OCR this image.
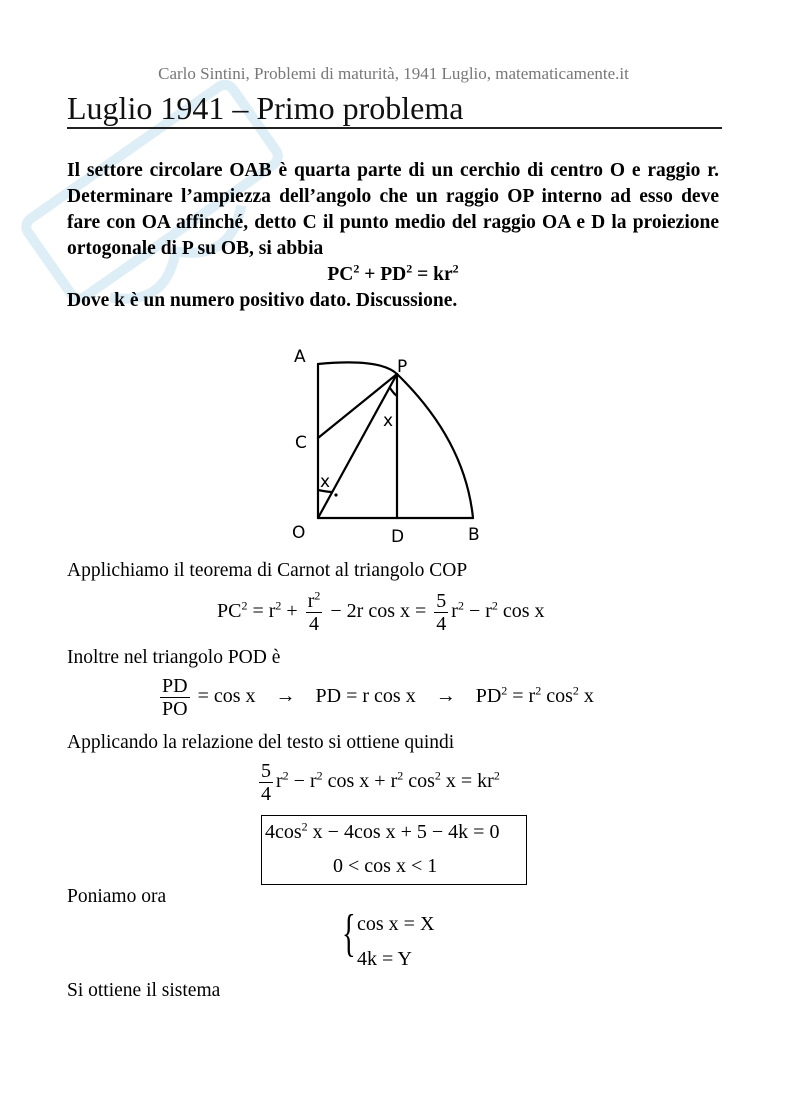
Carlo Sintini, Problemi di maturità, 1941 Luglio, matematicamente.it
Luglio 1941 – Primo problema

Il settore circolare OAB è quarta parte di un cerchio di centro O e raggio r. Determinare l’ampiezza dell’angolo che un raggio OP interno ad esso deve fare con OA affinché, detto C il punto medio del raggio OA e D la proiezione ortogonale di P su OB, si abbia

$PC^2 + PD^2 = kr^2$

Dove k è un numero positivo dato. Discussione.

A	P
C
x
x
O	D	B
Applichiamo il teorema di Carnot al triangolo COP
$PC^2 = r^2 + \frac{r^2}{4} - 2r$ $\cos x = \frac{5}{4} r^2 - r^2$ cos x
Inoltre nel triangolo POD è
$\frac{PD}{PO} = \cos x$ → PD = r $\cos x \to PD^2 = r^2$ $\cos^2 x$
Applicando la relazione del testo si ottiene quindi
$\frac{5}{4} r^2 - r^2$ $\cos x + r^2$ $\cos^2 x = kr^2$
$4\cos^2$ x − 4cos x + 5 − 4k = 0
0 < cos x < 1
Poniamo ora
{ cos x = X
4k = Y
Si ottiene il sistema
